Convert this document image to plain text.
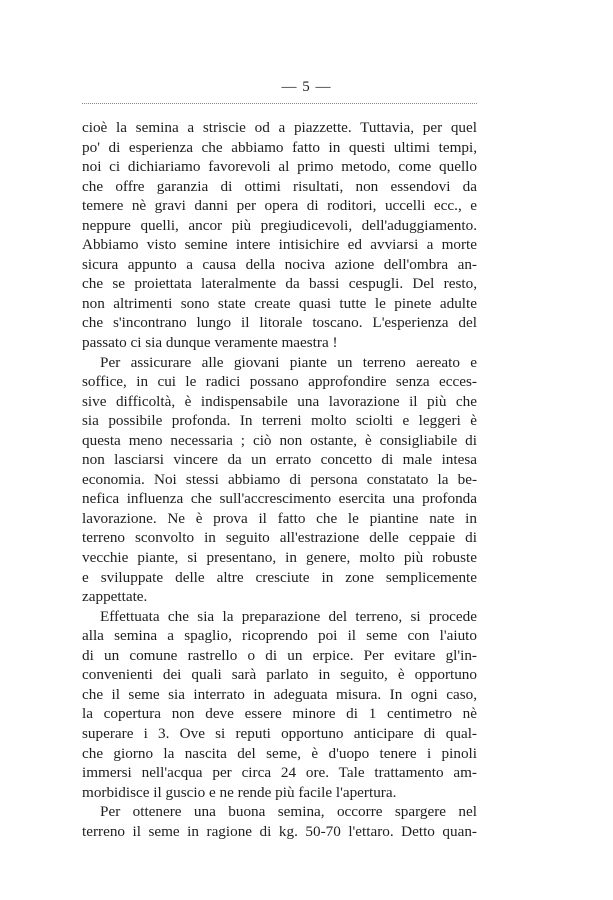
— 5 —
cioè la semina a striscie od a piazzette. Tuttavia, per quel
po' di esperienza che abbiamo fatto in questi ultimi tempi,
noi ci dichiariamo favorevoli al primo metodo, come quello
che offre garanzia di ottimi risultati, non essendovi da
temere nè gravi danni per opera di roditori, uccelli ecc., e
neppure quelli, ancor più pregiudicevoli, dell'aduggiamento.
Abbiamo visto semine intere intisichire ed avviarsi a morte
sicura appunto a causa della nociva azione dell'ombra an-
che se proiettata lateralmente da bassi cespugli. Del resto,
non altrimenti sono state create quasi tutte le pinete adulte
che s'incontrano lungo il litorale toscano. L'esperienza del
passato ci sia dunque veramente maestra !
Per assicurare alle giovani piante un terreno aereato e
soffice, in cui le radici possano approfondire senza ecces-
sive difficoltà, è indispensabile una lavorazione il più che
sia possibile profonda. In terreni molto sciolti e leggeri è
questa meno necessaria ; ciò non ostante, è consigliabile di
non lasciarsi vincere da un errato concetto di male intesa
economia. Noi stessi abbiamo di persona constatato la be-
nefica influenza che sull'accrescimento esercita una profonda
lavorazione. Ne è prova il fatto che le piantine nate in
terreno sconvolto in seguito all'estrazione delle ceppaie di
vecchie piante, si presentano, in genere, molto più robuste
e sviluppate delle altre cresciute in zone semplicemente
zappettate.
Effettuata che sia la preparazione del terreno, si procede
alla semina a spaglio, ricoprendo poi il seme con l'aiuto
di un comune rastrello o di un erpice. Per evitare gl'in-
convenienti dei quali sarà parlato in seguito, è opportuno
che il seme sia interrato in adeguata misura. In ogni caso,
la copertura non deve essere minore di 1 centimetro nè
superare i 3. Ove si reputi opportuno anticipare di qual-
che giorno la nascita del seme, è d'uopo tenere i pinoli
immersi nell'acqua per circa 24 ore. Tale trattamento am-
morbidisce il guscio e ne rende più facile l'apertura.
Per ottenere una buona semina, occorre spargere nel
terreno il seme in ragione di kg. 50-70 l'ettaro. Detto quan-
